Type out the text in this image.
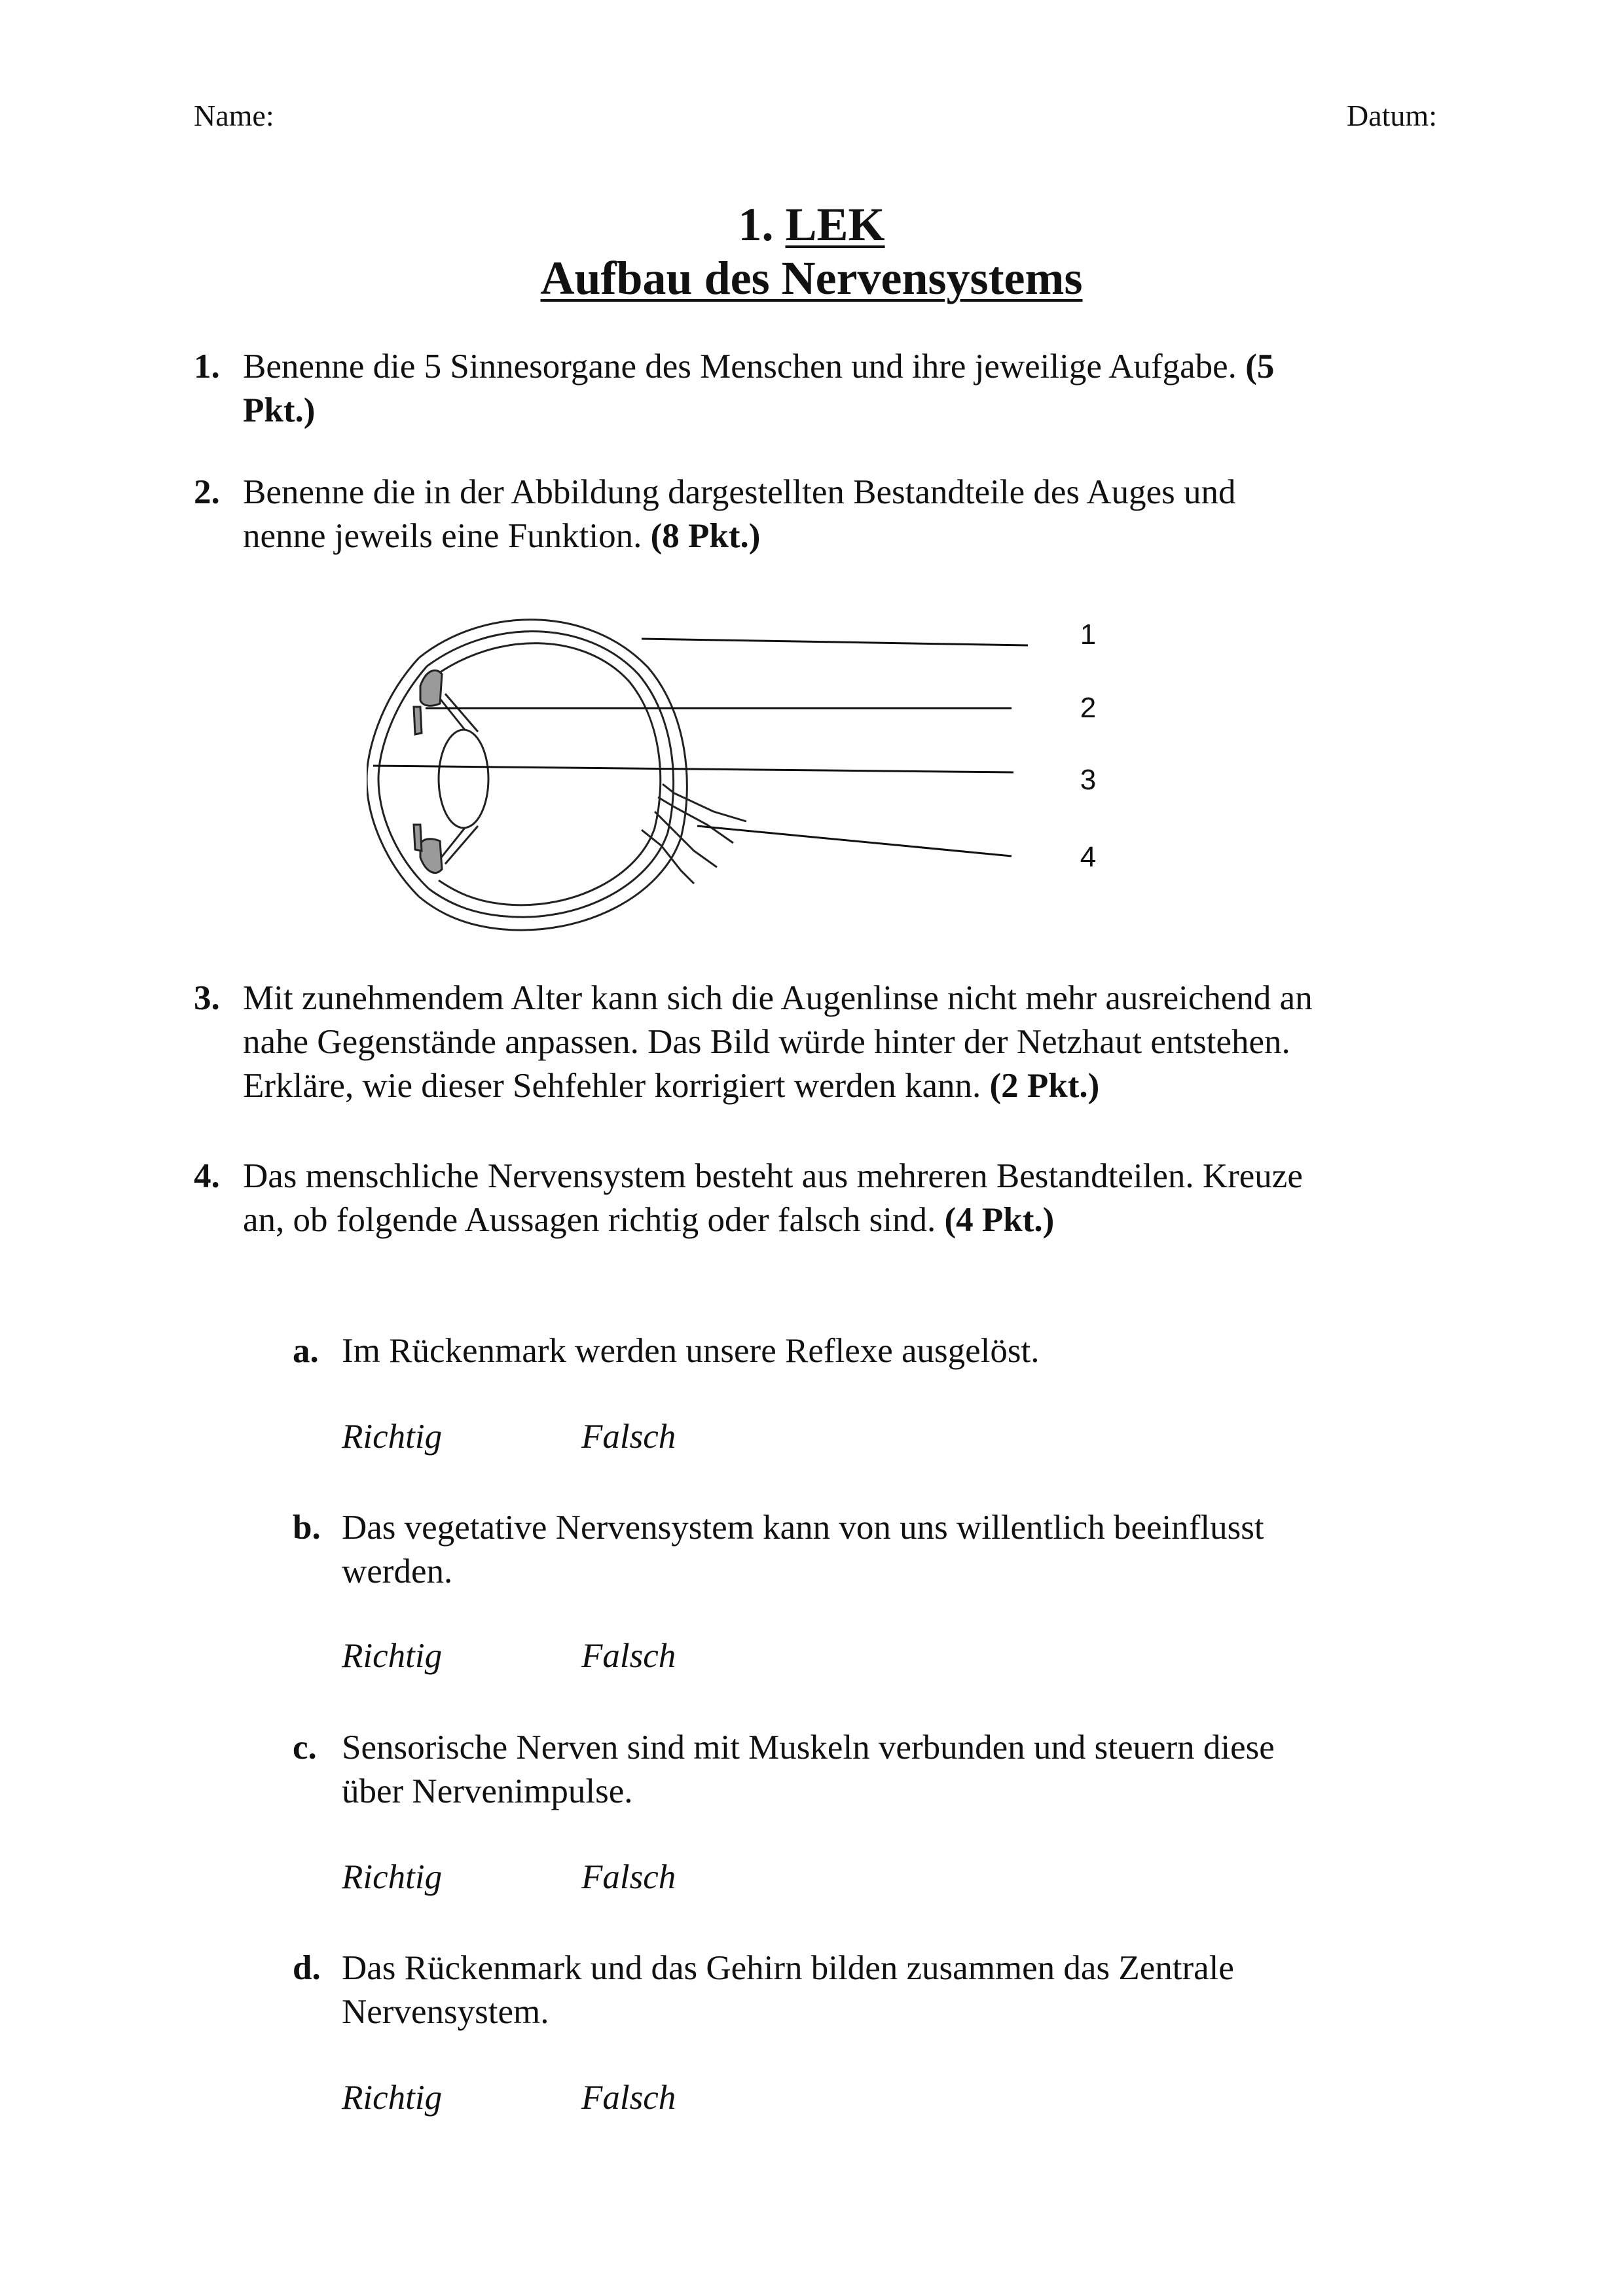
Name:	Datum:
1. LEK
Aufbau des Nervensystems
1. Benenne die 5 Sinnesorgane des Menschen und ihre jeweilige Aufgabe. (5
Pkt.)
2. Benenne die in der Abbildung dargestellten Bestandteile des Auges und
nenne jeweils eine Funktion. (8 Pkt.)
1
2
3
4
3. Mit zunehmendem Alter kann sich die Augenlinse nicht mehr ausreichend an
nahe Gegenstände anpassen. Das Bild würde hinter der Netzhaut entstehen.
Erkläre, wie dieser Sehfehler korrigiert werden kann. (2 Pkt.)
4. Das menschliche Nervensystem besteht aus mehreren Bestandteilen. Kreuze
an, ob folgende Aussagen richtig oder falsch sind. (4 Pkt.)
a. Im Rückenmark werden unsere Reflexe ausgelöst.
Richtig	Falsch
b. Das vegetative Nervensystem kann von uns willentlich beeinflusst
werden.
Richtig	Falsch
c. Sensorische Nerven sind mit Muskeln verbunden und steuern diese
über Nervenimpulse.
Richtig	Falsch
d. Das Rückenmark und das Gehirn bilden zusammen das Zentrale
Nervensystem.
Richtig	Falsch
